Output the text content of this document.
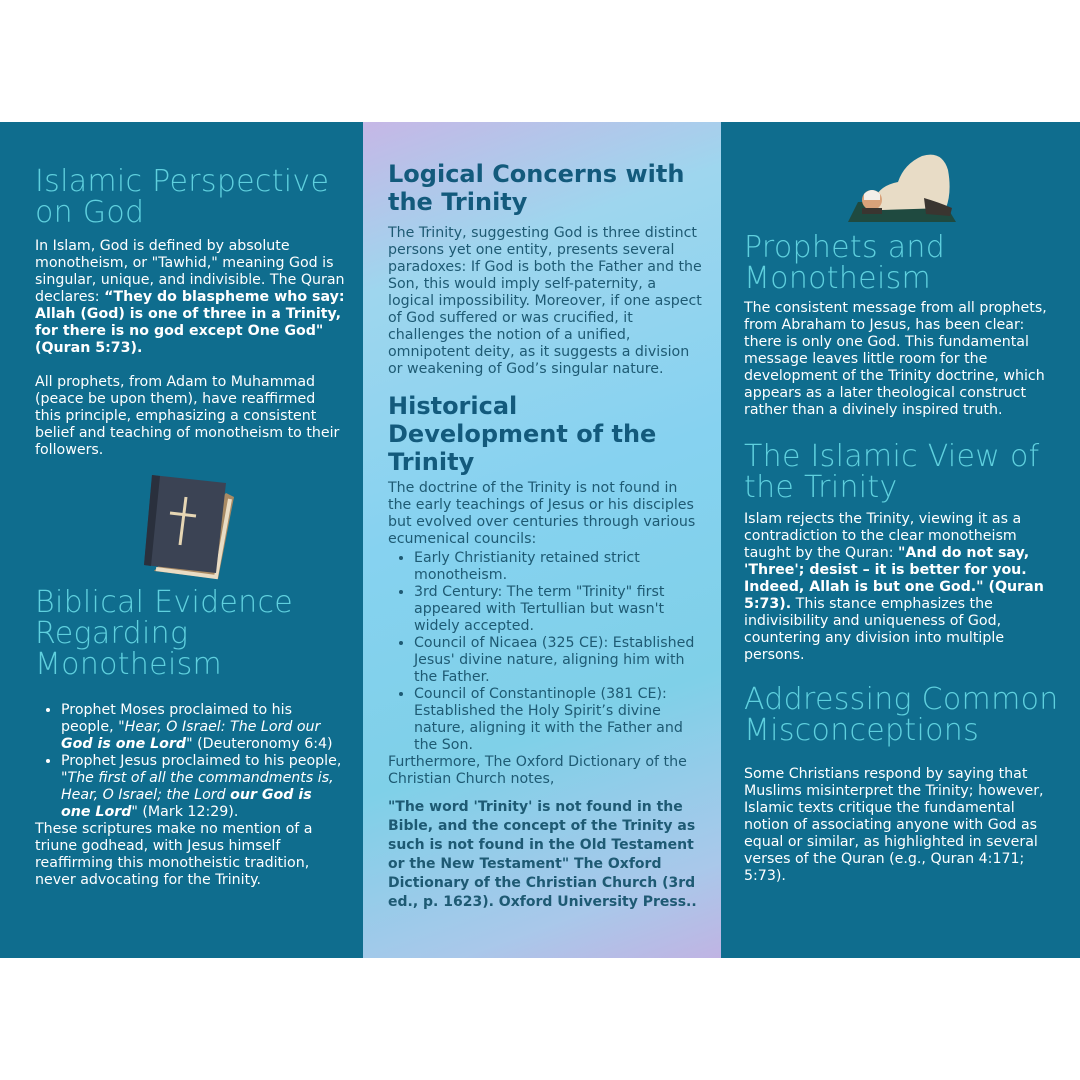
Islamic Perspective on God

In Islam, God is defined by absolute monotheism, or "Tawhid," meaning God is singular, unique, and indivisible. The Quran declares: “They do blaspheme who say: Allah (God) is one of three in a Trinity, for there is no god except One God" (Quran 5:73).

All prophets, from Adam to Muhammad (peace be upon them), have reaffirmed this principle, emphasizing a consistent belief and teaching of monotheism to their followers.

Biblical Evidence Regarding Monotheism
• Prophet Moses proclaimed to his people, "Hear, O Israel: The Lord our God is one Lord" (Deuteronomy 6:4)
• Prophet Jesus proclaimed to his people, "The first of all the commandments is, Hear, O Israel; the Lord our God is one Lord" (Mark 12:29).

These scriptures make no mention of a triune godhead, with Jesus himself reaffirming this monotheistic tradition, never advocating for the Trinity.

Logical Concerns with the Trinity

The Trinity, suggesting God is three distinct persons yet one entity, presents several paradoxes: If God is both the Father and the Son, this would imply self-paternity, a logical impossibility. Moreover, if one aspect of God suffered or was crucified, it challenges the notion of a unified, omnipotent deity, as it suggests a division or weakening of God’s singular nature.

Historical Development of the Trinity

The doctrine of the Trinity is not found in the early teachings of Jesus or his disciples but evolved over centuries through various ecumenical councils:

• Early Christianity retained strict monotheism.
• 3rd Century: The term "Trinity" first appeared with Tertullian but wasn't widely accepted.
• Council of Nicaea (325 CE): Established Jesus' divine nature, aligning him with the Father.
• Council of Constantinople (381 CE): Established the Holy Spirit’s divine nature, aligning it with the Father and the Son.

Furthermore, The Oxford Dictionary of the Christian Church notes,

"The word 'Trinity' is not found in the Bible, and the concept of the Trinity as such is not found in the Old Testament or the New Testament" The Oxford Dictionary of the Christian Church (3rd ed., p. 1623). Oxford University Press..

Prophets and Monotheism

The consistent message from all prophets, from Abraham to Jesus, has been clear: there is only one God. This fundamental message leaves little room for the development of the Trinity doctrine, which appears as a later theological construct rather than a divinely inspired truth.

The Islamic View of the Trinity

Islam rejects the Trinity, viewing it as a contradiction to the clear monotheism taught by the Quran: "And do not say, 'Three'; desist – it is better for you. Indeed, Allah is but one God." (Quran 5:73). This stance emphasizes the indivisibility and uniqueness of God, countering any division into multiple persons.

Addressing Common Misconceptions

Some Christians respond by saying that Muslims misinterpret the Trinity; however, Islamic texts critique the fundamental notion of associating anyone with God as equal or similar, as highlighted in several verses of the Quran (e.g., Quran 4:171; 5:73).
